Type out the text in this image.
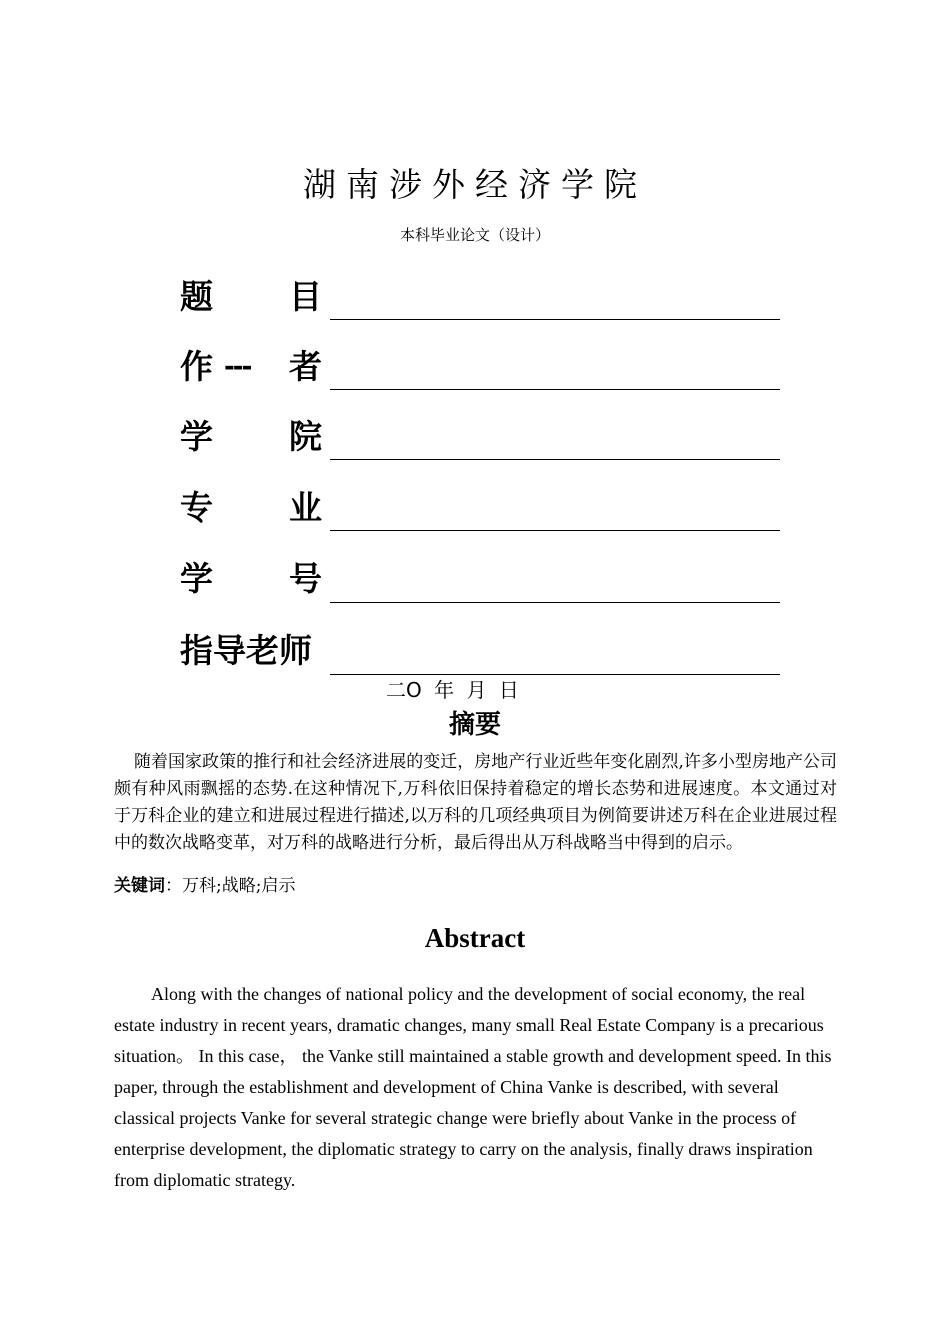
湖南涉外经济学院
本科毕业论文（设计）
题 目
作 --- 者
学 院
专 业
学 号
指导老师
二O 年 月 日
摘要
随着国家政策的推行和社会经济进展的变迁，房地产行业近些年变化剧烈,许多小型房地产公司颇有种风雨飘摇的态势.在这种情况下,万科依旧保持着稳定的增长态势和进展速度。本文通过对于万科企业的建立和进展过程进行描述,以万科的几项经典项目为例简要讲述万科在企业进展过程中的数次战略变革，对万科的战略进行分析，最后得出从万科战略当中得到的启示。
关键词：万科;战略;启示
Abstract
Along with the changes of national policy and the development of social economy, the real estate industry in recent years, dramatic changes, many small Real Estate Company is a precarious situation。 In this case， the Vanke still maintained a stable growth and development speed. In this paper, through the establishment and development of China Vanke is described, with several classical projects Vanke for several strategic change were briefly about Vanke in the process of enterprise development, the diplomatic strategy to carry on the analysis, finally draws inspiration from diplomatic strategy.
